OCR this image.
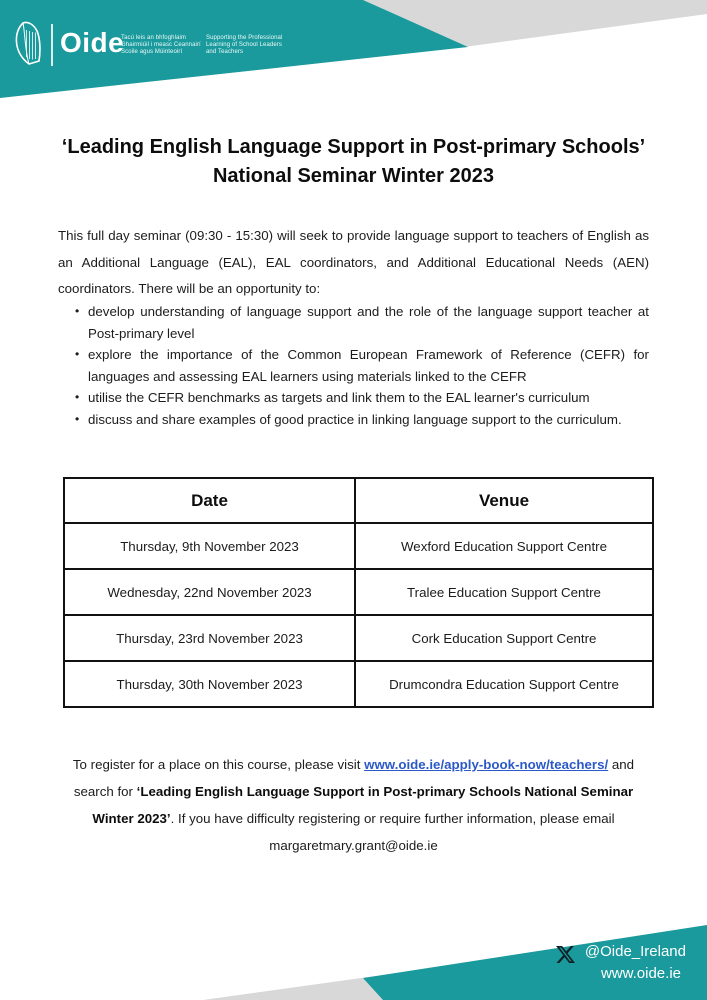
Oide
Tacú leis an bhfoghlaim
Ghairmiúil i measc Ceannairí
Scoile agus Múinteoirí
Supporting the Professional
Learning of School Leaders
and Teachers
‘Leading English Language Support in Post-primary Schools’
National Seminar Winter 2023

This full day seminar (09:30 - 15:30) will seek to provide language support to teachers of English as an Additional Language (EAL), EAL coordinators, and Additional Educational Needs (AEN) coordinators. There will be an opportunity to:

• develop understanding of language support and the role of the language support teacher at Post-primary level
• explore the importance of the Common European Framework of Reference (CEFR) for languages and assessing EAL learners using materials linked to the CEFR
• utilise the CEFR benchmarks as targets and link them to the EAL learner's curriculum
• discuss and share examples of good practice in linking language support to the curriculum.
Date	Venue
Thursday, 9th November 2023	Wexford Education Support Centre
Wednesday, 22nd November 2023	Tralee Education Support Centre
Thursday, 23rd November 2023	Cork Education Support Centre
Thursday, 30th November 2023	Drumcondra Education Support Centre

To register for a place on this course, please visit www.oide.ie/apply-book-now/teachers/ and search for ‘Leading English Language Support in Post-primary Schools National Seminar Winter 2023’. If you have difficulty registering or require further information, please email margaretmary.grant@oide.ie

@Oide_Ireland
www.oide.ie
